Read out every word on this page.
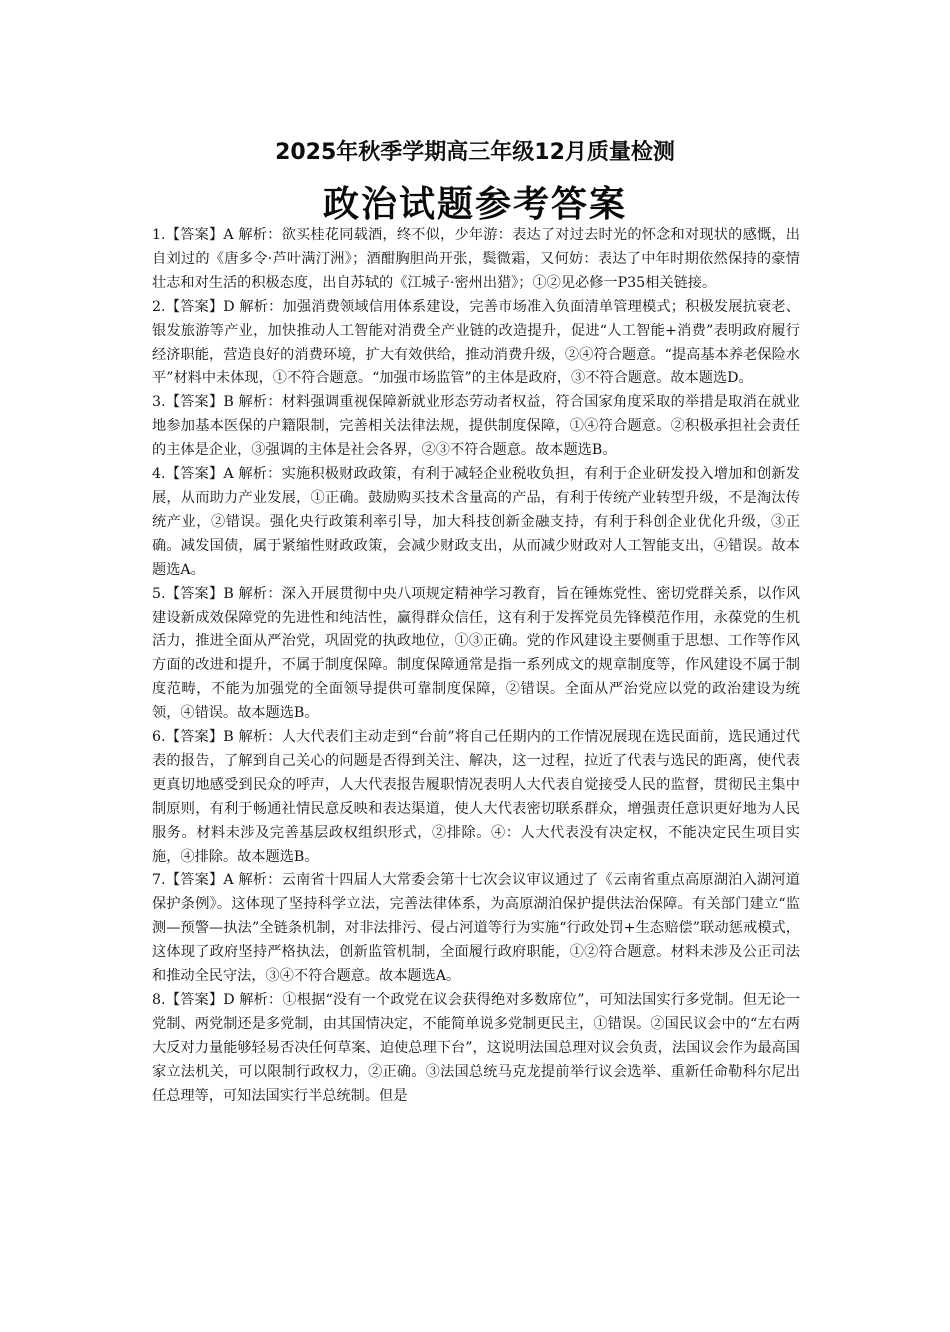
2025年秋季学期高三年级12月质量检测
政治试题参考答案

1.【答案】A 解析：欲买桂花同载酒，终不似，少年游：表达了对过去时光的怀念和对现状的感慨，出自刘过的《唐多令·芦叶满汀洲》；酒酣胸胆尚开张，鬓微霜，又何妨：表达了中年时期依然保持的豪情壮志和对生活的积极态度，出自苏轼的《江城子·密州出猎》；①②见必修一P35相关链接。

2.【答案】D 解析：加强消费领域信用体系建设，完善市场准入负面清单管理模式；积极发展抗衰老、银发旅游等产业，加快推动人工智能对消费全产业链的改造提升，促进“人工智能+消费”表明政府履行经济职能，营造良好的消费环境，扩大有效供给，推动消费升级，②④符合题意。“提高基本养老保险水平”材料中未体现，①不符合题意。“加强市场监管”的主体是政府，③不符合题意。故本题选D。

3.【答案】B 解析：材料强调重视保障新就业形态劳动者权益，符合国家角度采取的举措是取消在就业地参加基本医保的户籍限制，完善相关法律法规，提供制度保障，①④符合题意。②积极承担社会责任的主体是企业，③强调的主体是社会各界，②③不符合题意。故本题选B。

4.【答案】A 解析：实施积极财政政策，有利于减轻企业税收负担，有利于企业研发投入增加和创新发展，从而助力产业发展，①正确。鼓励购买技术含量高的产品，有利于传统产业转型升级，不是淘汰传统产业，②错误。强化央行政策利率引导，加大科技创新金融支持，有利于科创企业优化升级，③正确。减发国债，属于紧缩性财政政策，会减少财政支出，从而减少财政对人工智能支出，④错误。故本题选A。

5.【答案】B 解析：深入开展贯彻中央八项规定精神学习教育，旨在锤炼党性、密切党群关系，以作风建设新成效保障党的先进性和纯洁性，赢得群众信任，这有利于发挥党员先锋模范作用，永葆党的生机活力，推进全面从严治党，巩固党的执政地位，①③正确。党的作风建设主要侧重于思想、工作等作风方面的改进和提升，不属于制度保障。制度保障通常是指一系列成文的规章制度等，作风建设不属于制度范畴，不能为加强党的全面领导提供可靠制度保障，②错误。全面从严治党应以党的政治建设为统领，④错误。故本题选B。

6.【答案】B 解析：人大代表们主动走到“台前”将自己任期内的工作情况展现在选民面前，选民通过代表的报告，了解到自己关心的问题是否得到关注、解决，这一过程，拉近了代表与选民的距离，使代表更真切地感受到民众的呼声，人大代表报告履职情况表明人大代表自觉接受人民的监督，贯彻民主集中制原则，有利于畅通社情民意反映和表达渠道，使人大代表密切联系群众，增强责任意识更好地为人民服务。材料未涉及完善基层政权组织形式，②排除。④：人大代表没有决定权，不能决定民生项目实施，④排除。故本题选B。

7.【答案】A 解析：云南省十四届人大常委会第十七次会议审议通过了《云南省重点高原湖泊入湖河道保护条例》。这体现了坚持科学立法，完善法律体系，为高原湖泊保护提供法治保障。有关部门建立“监测—预警—执法”全链条机制，对非法排污、侵占河道等行为实施“行政处罚+生态赔偿”联动惩戒模式，这体现了政府坚持严格执法，创新监管机制，全面履行政府职能，①②符合题意。材料未涉及公正司法和推动全民守法，③④不符合题意。故本题选A。

8.【答案】D 解析：①根据“没有一个政党在议会获得绝对多数席位”，可知法国实行多党制。但无论一党制、两党制还是多党制，由其国情决定，不能简单说多党制更民主，①错误。②国民议会中的“左右两大反对力量能够轻易否决任何草案、迫使总理下台”，这说明法国总理对议会负责，法国议会作为最高国家立法机关，可以限制行政权力，②正确。③法国总统马克龙提前举行议会选举、重新任命勒科尔尼出任总理等，可知法国实行半总统制。但是
